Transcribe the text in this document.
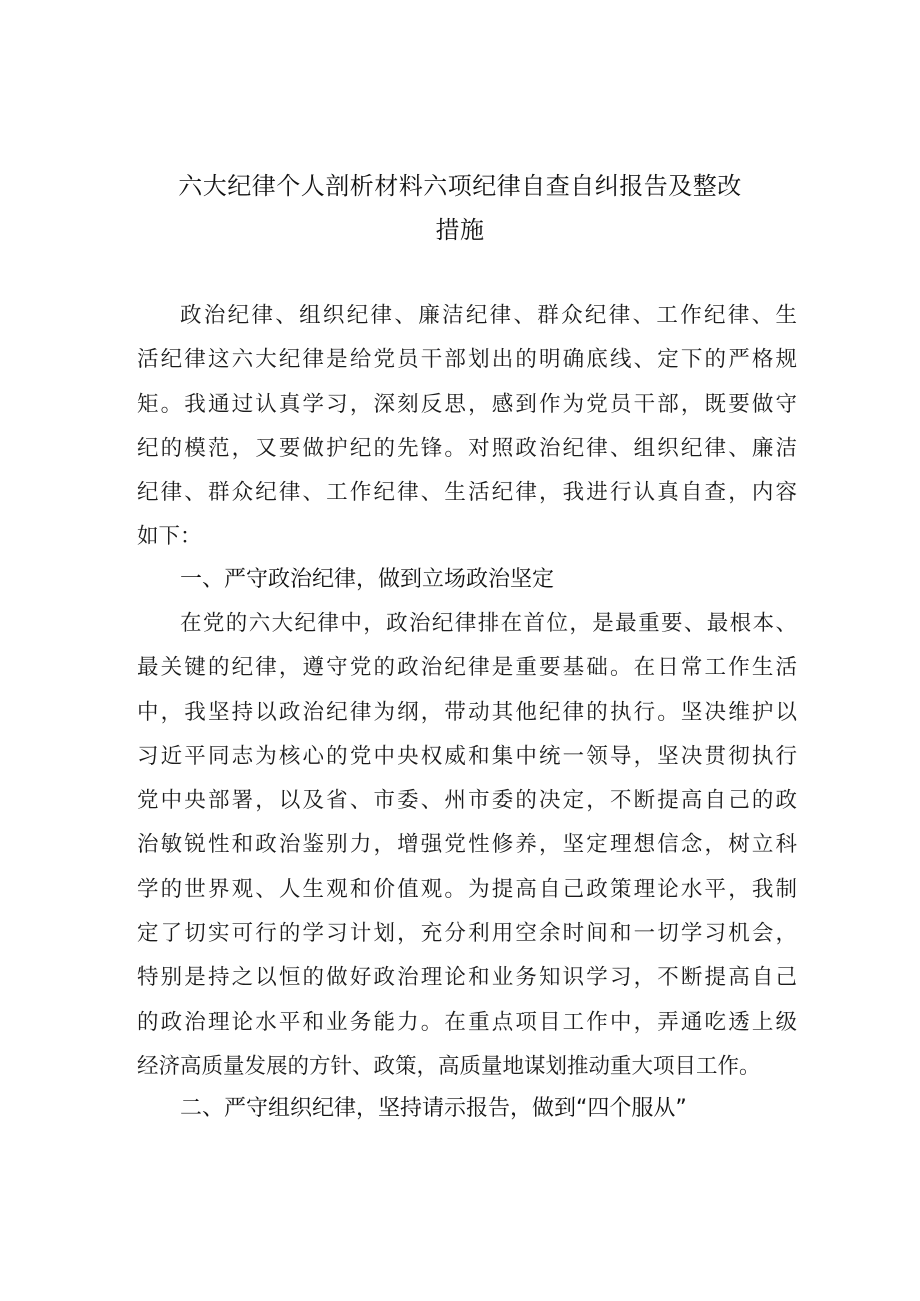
六大纪律个人剖析材料六项纪律自查自纠报告及整改
措施
政治纪律、组织纪律、廉洁纪律、群众纪律、工作纪律、生
活纪律这六大纪律是给党员干部划出的明确底线、定下的严格规
矩。我通过认真学习，深刻反思，感到作为党员干部，既要做守
纪的模范，又要做护纪的先锋。对照政治纪律、组织纪律、廉洁
纪律、群众纪律、工作纪律、生活纪律，我进行认真自查，内容
如下：
一、严守政治纪律，做到立场政治坚定
在党的六大纪律中，政治纪律排在首位，是最重要、最根本、
最关键的纪律，遵守党的政治纪律是重要基础。在日常工作生活
中，我坚持以政治纪律为纲，带动其他纪律的执行。坚决维护以
习近平同志为核心的党中央权威和集中统一领导，坚决贯彻执行
党中央部署，以及省、市委、州市委的决定，不断提高自己的政
治敏锐性和政治鉴别力，增强党性修养，坚定理想信念，树立科
学的世界观、人生观和价值观。为提高自己政策理论水平，我制
定了切实可行的学习计划，充分利用空余时间和一切学习机会，
特别是持之以恒的做好政治理论和业务知识学习，不断提高自己
的政治理论水平和业务能力。在重点项目工作中，弄通吃透上级
经济高质量发展的方针、政策，高质量地谋划推动重大项目工作。
二、严守组织纪律，坚持请示报告，做到“四个服从”
